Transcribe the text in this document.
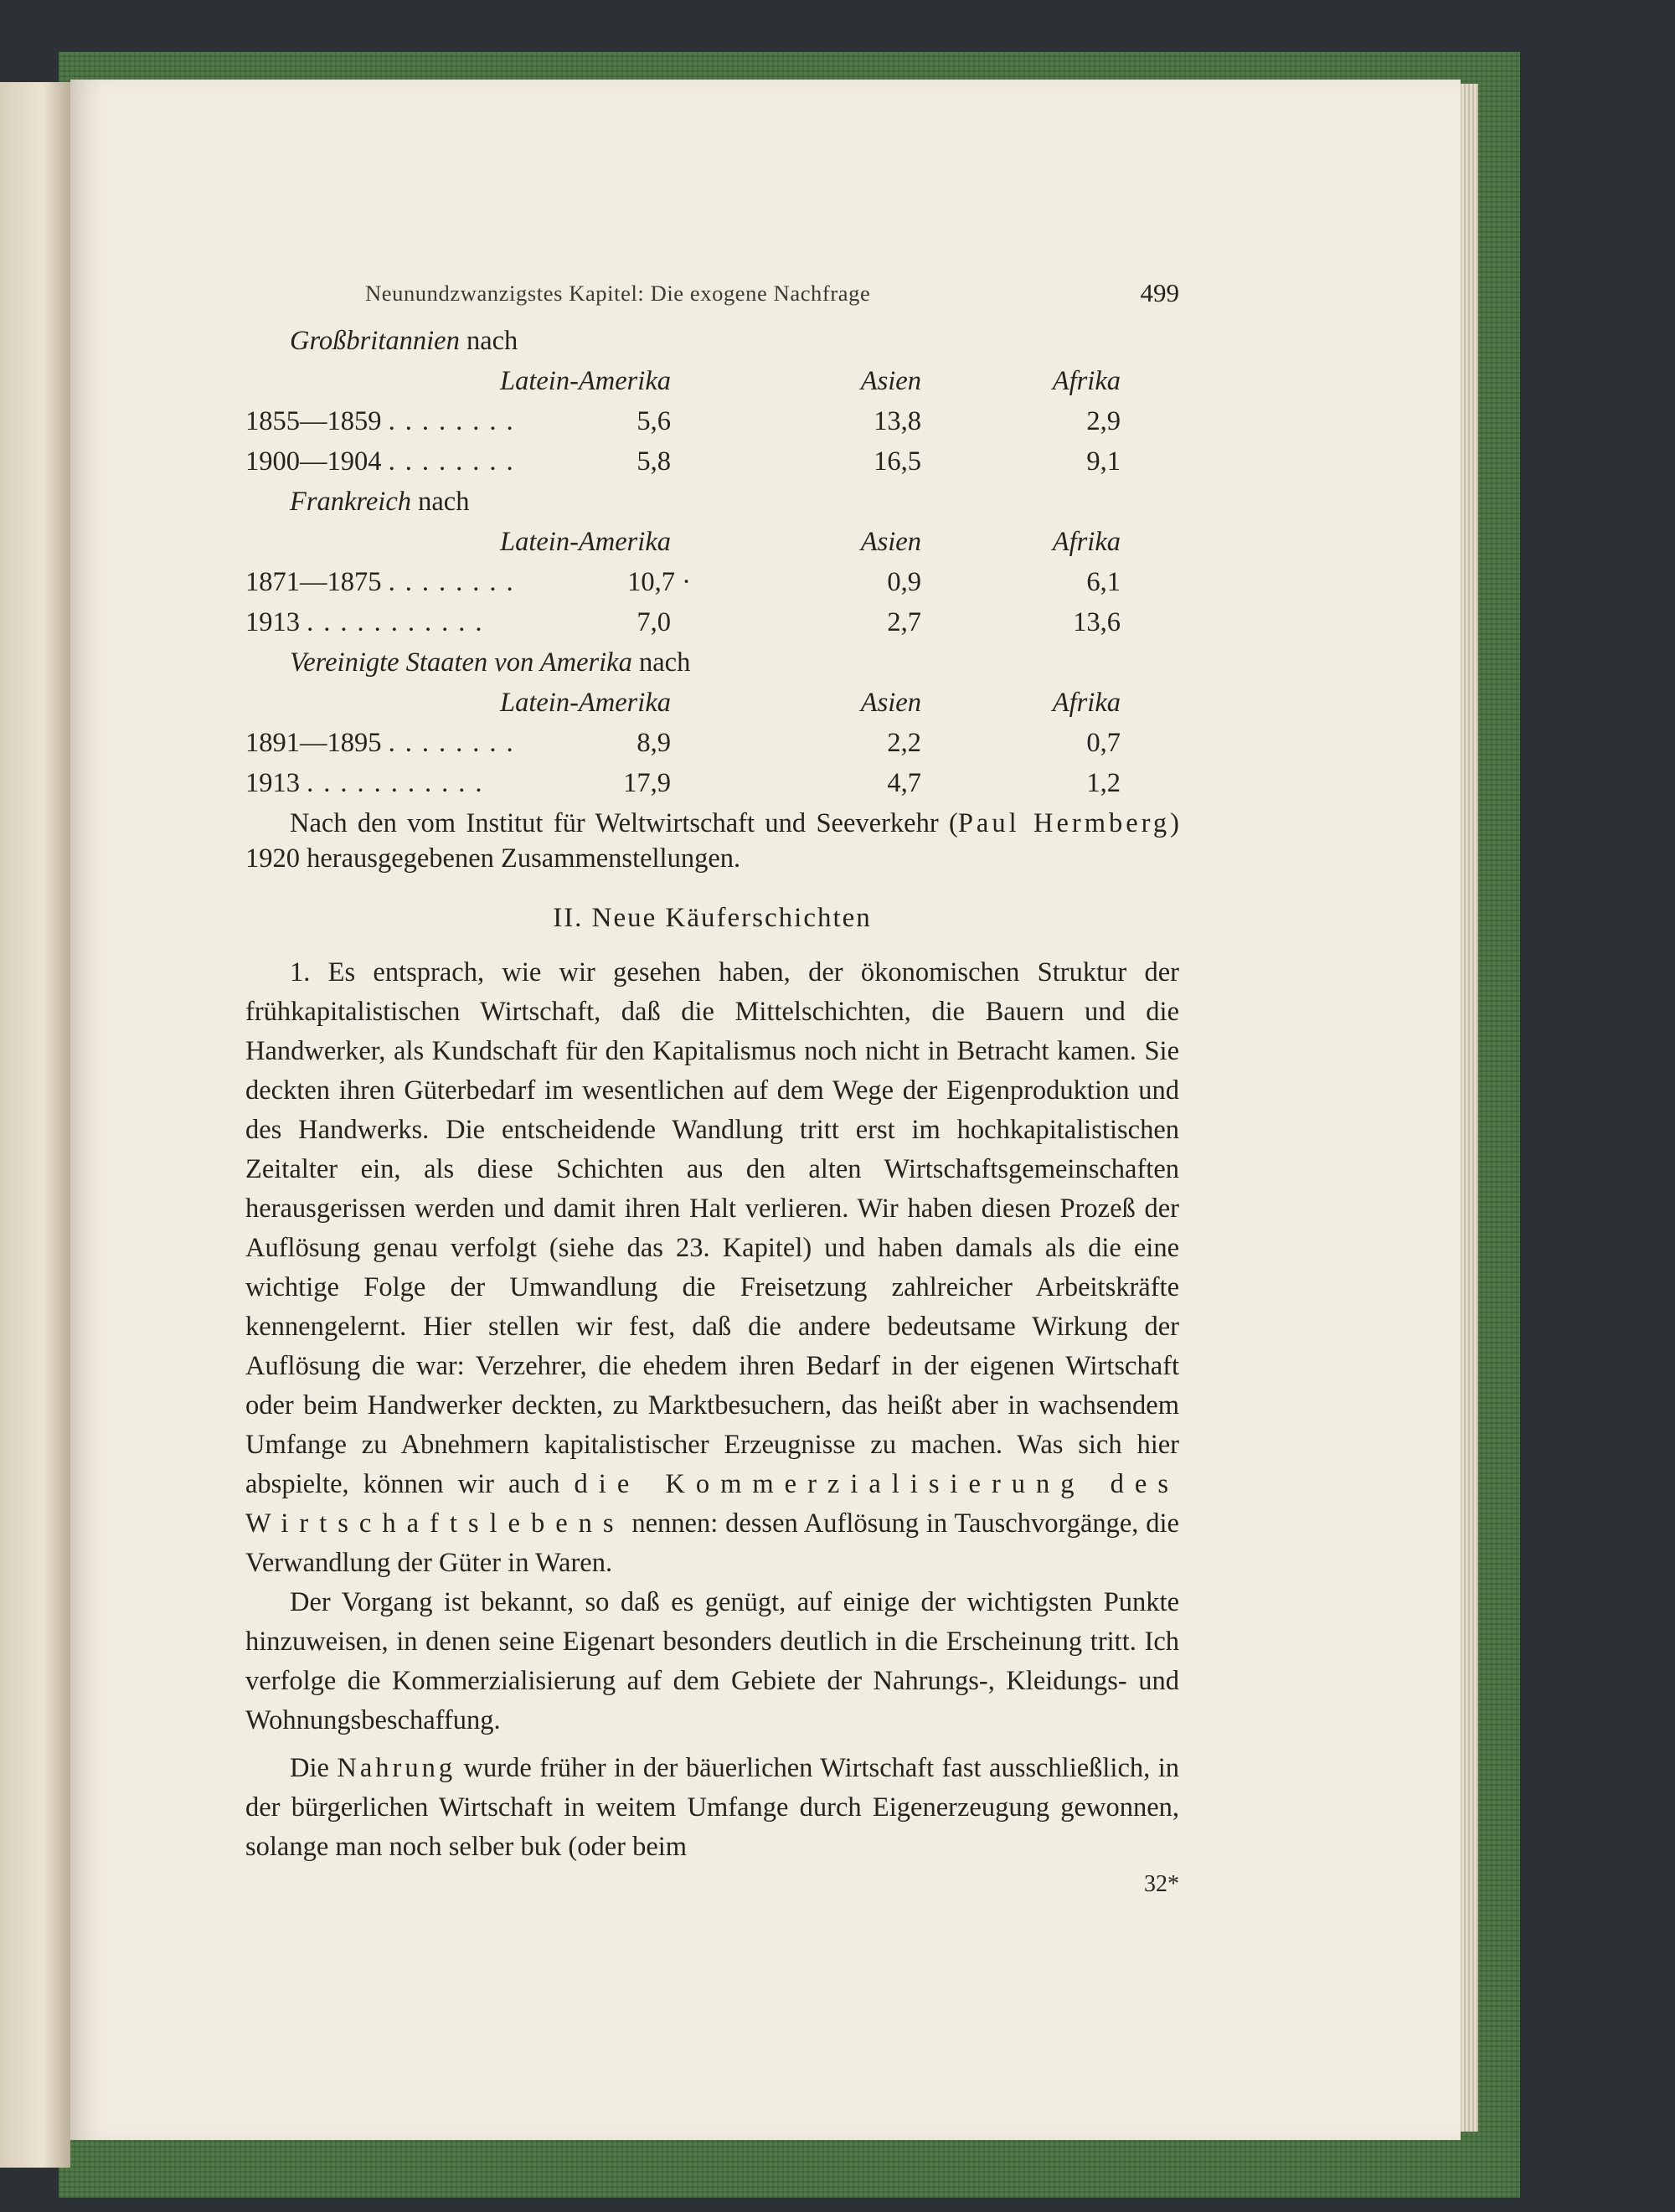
Neunundzwanzigstes Kapitel: Die exogene Nachfrage	499
Großbritannien nach
Latein-Amerika	Asien	Afrika
1855—1859 ........	5,6	13,8	2,9
1900—1904 ........	5,8	16,5	9,1
Frankreich nach
Latein-Amerika	Asien	Afrika
1871—1875 ........	10,7 ·	0,9	6,1
1913 ...........	7,0	2,7	13,6
Vereinigte Staaten von Amerika nach
Latein-Amerika	Asien	Afrika
1891—1895 ........	8,9	2,2	0,7
1913 ...........	17,9	4,7	1,2

Nach den vom Institut für Weltwirtschaft und Seeverkehr (Paul Hermberg) 1920 herausgegebenen Zusammenstellungen.

II. Neue Käuferschichten

1. Es entsprach, wie wir gesehen haben, der ökonomischen Struktur der frühkapitalistischen Wirtschaft, daß die Mittelschichten, die Bauern und die Handwerker, als Kundschaft für den Kapitalismus noch nicht in Betracht kamen. Sie deckten ihren Güterbedarf im wesentlichen auf dem Wege der Eigenproduktion und des Handwerks. Die entscheidende Wandlung tritt erst im hochkapitalistischen Zeitalter ein, als diese Schichten aus den alten Wirtschaftsgemeinschaften herausgerissen werden und damit ihren Halt verlieren. Wir haben diesen Prozeß der Auflösung genau verfolgt (siehe das 23. Kapitel) und haben damals als die eine wichtige Folge der Umwandlung die Freisetzung zahlreicher Arbeitskräfte kennengelernt. Hier stellen wir fest, daß die andere bedeutsame Wirkung der Auflösung die war: Verzehrer, die ehedem ihren Bedarf in der eigenen Wirtschaft oder beim Handwerker deckten, zu Marktbesuchern, das heißt aber in wachsendem Umfange zu Abnehmern kapitalistischer Erzeugnisse zu machen. Was sich hier abspielte, können wir auch die Kommerzialisierung des Wirtschaftslebens nennen: dessen Auflösung in Tauschvorgänge, die Verwandlung der Güter in Waren.

Der Vorgang ist bekannt, so daß es genügt, auf einige der wichtigsten Punkte hinzuweisen, in denen seine Eigenart besonders deutlich in die Erscheinung tritt. Ich verfolge die Kommerzialisierung auf dem Gebiete der Nahrungs-, Kleidungs- und Wohnungsbeschaffung.

Die Nahrung wurde früher in der bäuerlichen Wirtschaft fast ausschließlich, in der bürgerlichen Wirtschaft in weitem Umfange durch Eigenerzeugung gewonnen, solange man noch selber buk (oder beim

32*
